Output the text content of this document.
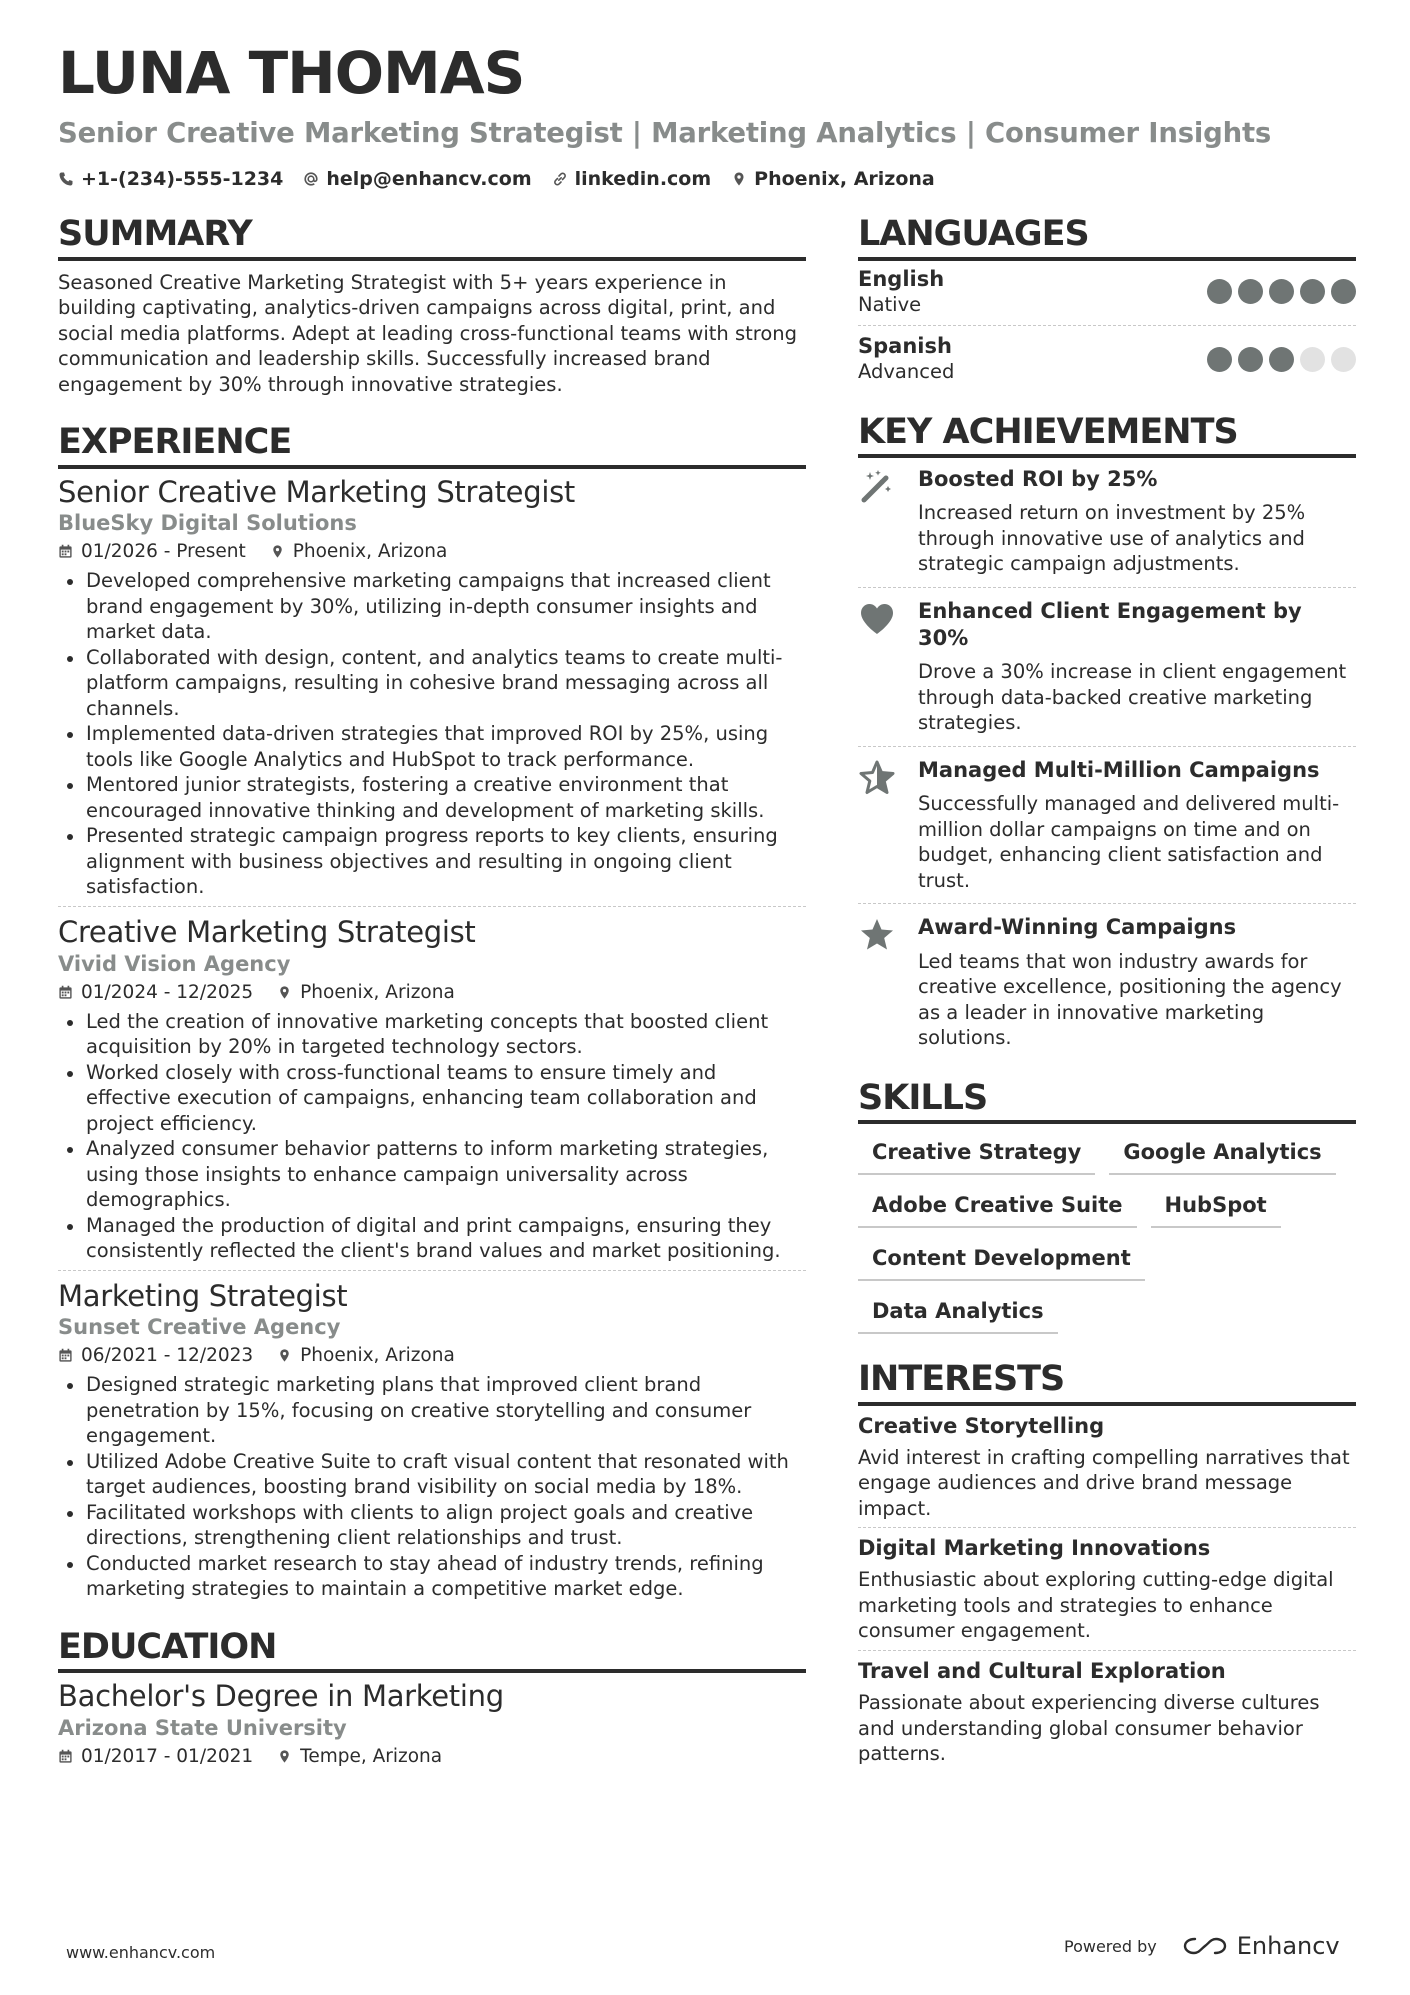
LUNA THOMAS
Senior Creative Marketing Strategist | Marketing Analytics | Consumer Insights
+1-(234)-555-1234 help@enhancv.com linkedin.com Phoenix, Arizona
SUMMARY
Seasoned Creative Marketing Strategist with 5+ years experience in building captivating, analytics-driven campaigns across digital, print, and social media platforms. Adept at leading cross-functional teams with strong communication and leadership skills. Successfully increased brand engagement by 30% through innovative strategies.
EXPERIENCE
Senior Creative Marketing Strategist
BlueSky Digital Solutions
01/2026 - Present	Phoenix, Arizona
Developed comprehensive marketing campaigns that increased client brand engagement by 30%, utilizing in-depth consumer insights and market data.
Collaborated with design, content, and analytics teams to create multi-platform campaigns, resulting in cohesive brand messaging across all channels.
Implemented data-driven strategies that improved ROI by 25%, using tools like Google Analytics and HubSpot to track performance.
Mentored junior strategists, fostering a creative environment that encouraged innovative thinking and development of marketing skills.
Presented strategic campaign progress reports to key clients, ensuring alignment with business objectives and resulting in ongoing client satisfaction.
Creative Marketing Strategist
Vivid Vision Agency
01/2024 - 12/2025	Phoenix, Arizona
Led the creation of innovative marketing concepts that boosted client acquisition by 20% in targeted technology sectors.
Worked closely with cross-functional teams to ensure timely and effective execution of campaigns, enhancing team collaboration and project efficiency.
Analyzed consumer behavior patterns to inform marketing strategies, using those insights to enhance campaign universality across demographics.
Managed the production of digital and print campaigns, ensuring they consistently reflected the client's brand values and market positioning.
Marketing Strategist
Sunset Creative Agency
06/2021 - 12/2023	Phoenix, Arizona
Designed strategic marketing plans that improved client brand penetration by 15%, focusing on creative storytelling and consumer engagement.
Utilized Adobe Creative Suite to craft visual content that resonated with target audiences, boosting brand visibility on social media by 18%.
Facilitated workshops with clients to align project goals and creative directions, strengthening client relationships and trust.
Conducted market research to stay ahead of industry trends, refining marketing strategies to maintain a competitive market edge.
EDUCATION
Bachelor's Degree in Marketing
Arizona State University
01/2017 - 01/2021	Tempe, Arizona
LANGUAGES
English
Native
Spanish
Advanced
KEY ACHIEVEMENTS
Boosted ROI by 25%
Increased return on investment by 25% through innovative use of analytics and strategic campaign adjustments.
Enhanced Client Engagement by 30%
Drove a 30% increase in client engagement through data-backed creative marketing strategies.
Managed Multi-Million Campaigns
Successfully managed and delivered multi-million dollar campaigns on time and on budget, enhancing client satisfaction and trust.
Award-Winning Campaigns
Led teams that won industry awards for creative excellence, positioning the agency as a leader in innovative marketing solutions.
SKILLS
Creative Strategy	Google Analytics
Adobe Creative Suite	HubSpot
Content Development
Data Analytics
INTERESTS
Creative Storytelling
Avid interest in crafting compelling narratives that engage audiences and drive brand message impact.
Digital Marketing Innovations
Enthusiastic about exploring cutting-edge digital marketing tools and strategies to enhance consumer engagement.
Travel and Cultural Exploration
Passionate about experiencing diverse cultures and understanding global consumer behavior patterns.
www.enhancv.com	Powered by	Enhancv
